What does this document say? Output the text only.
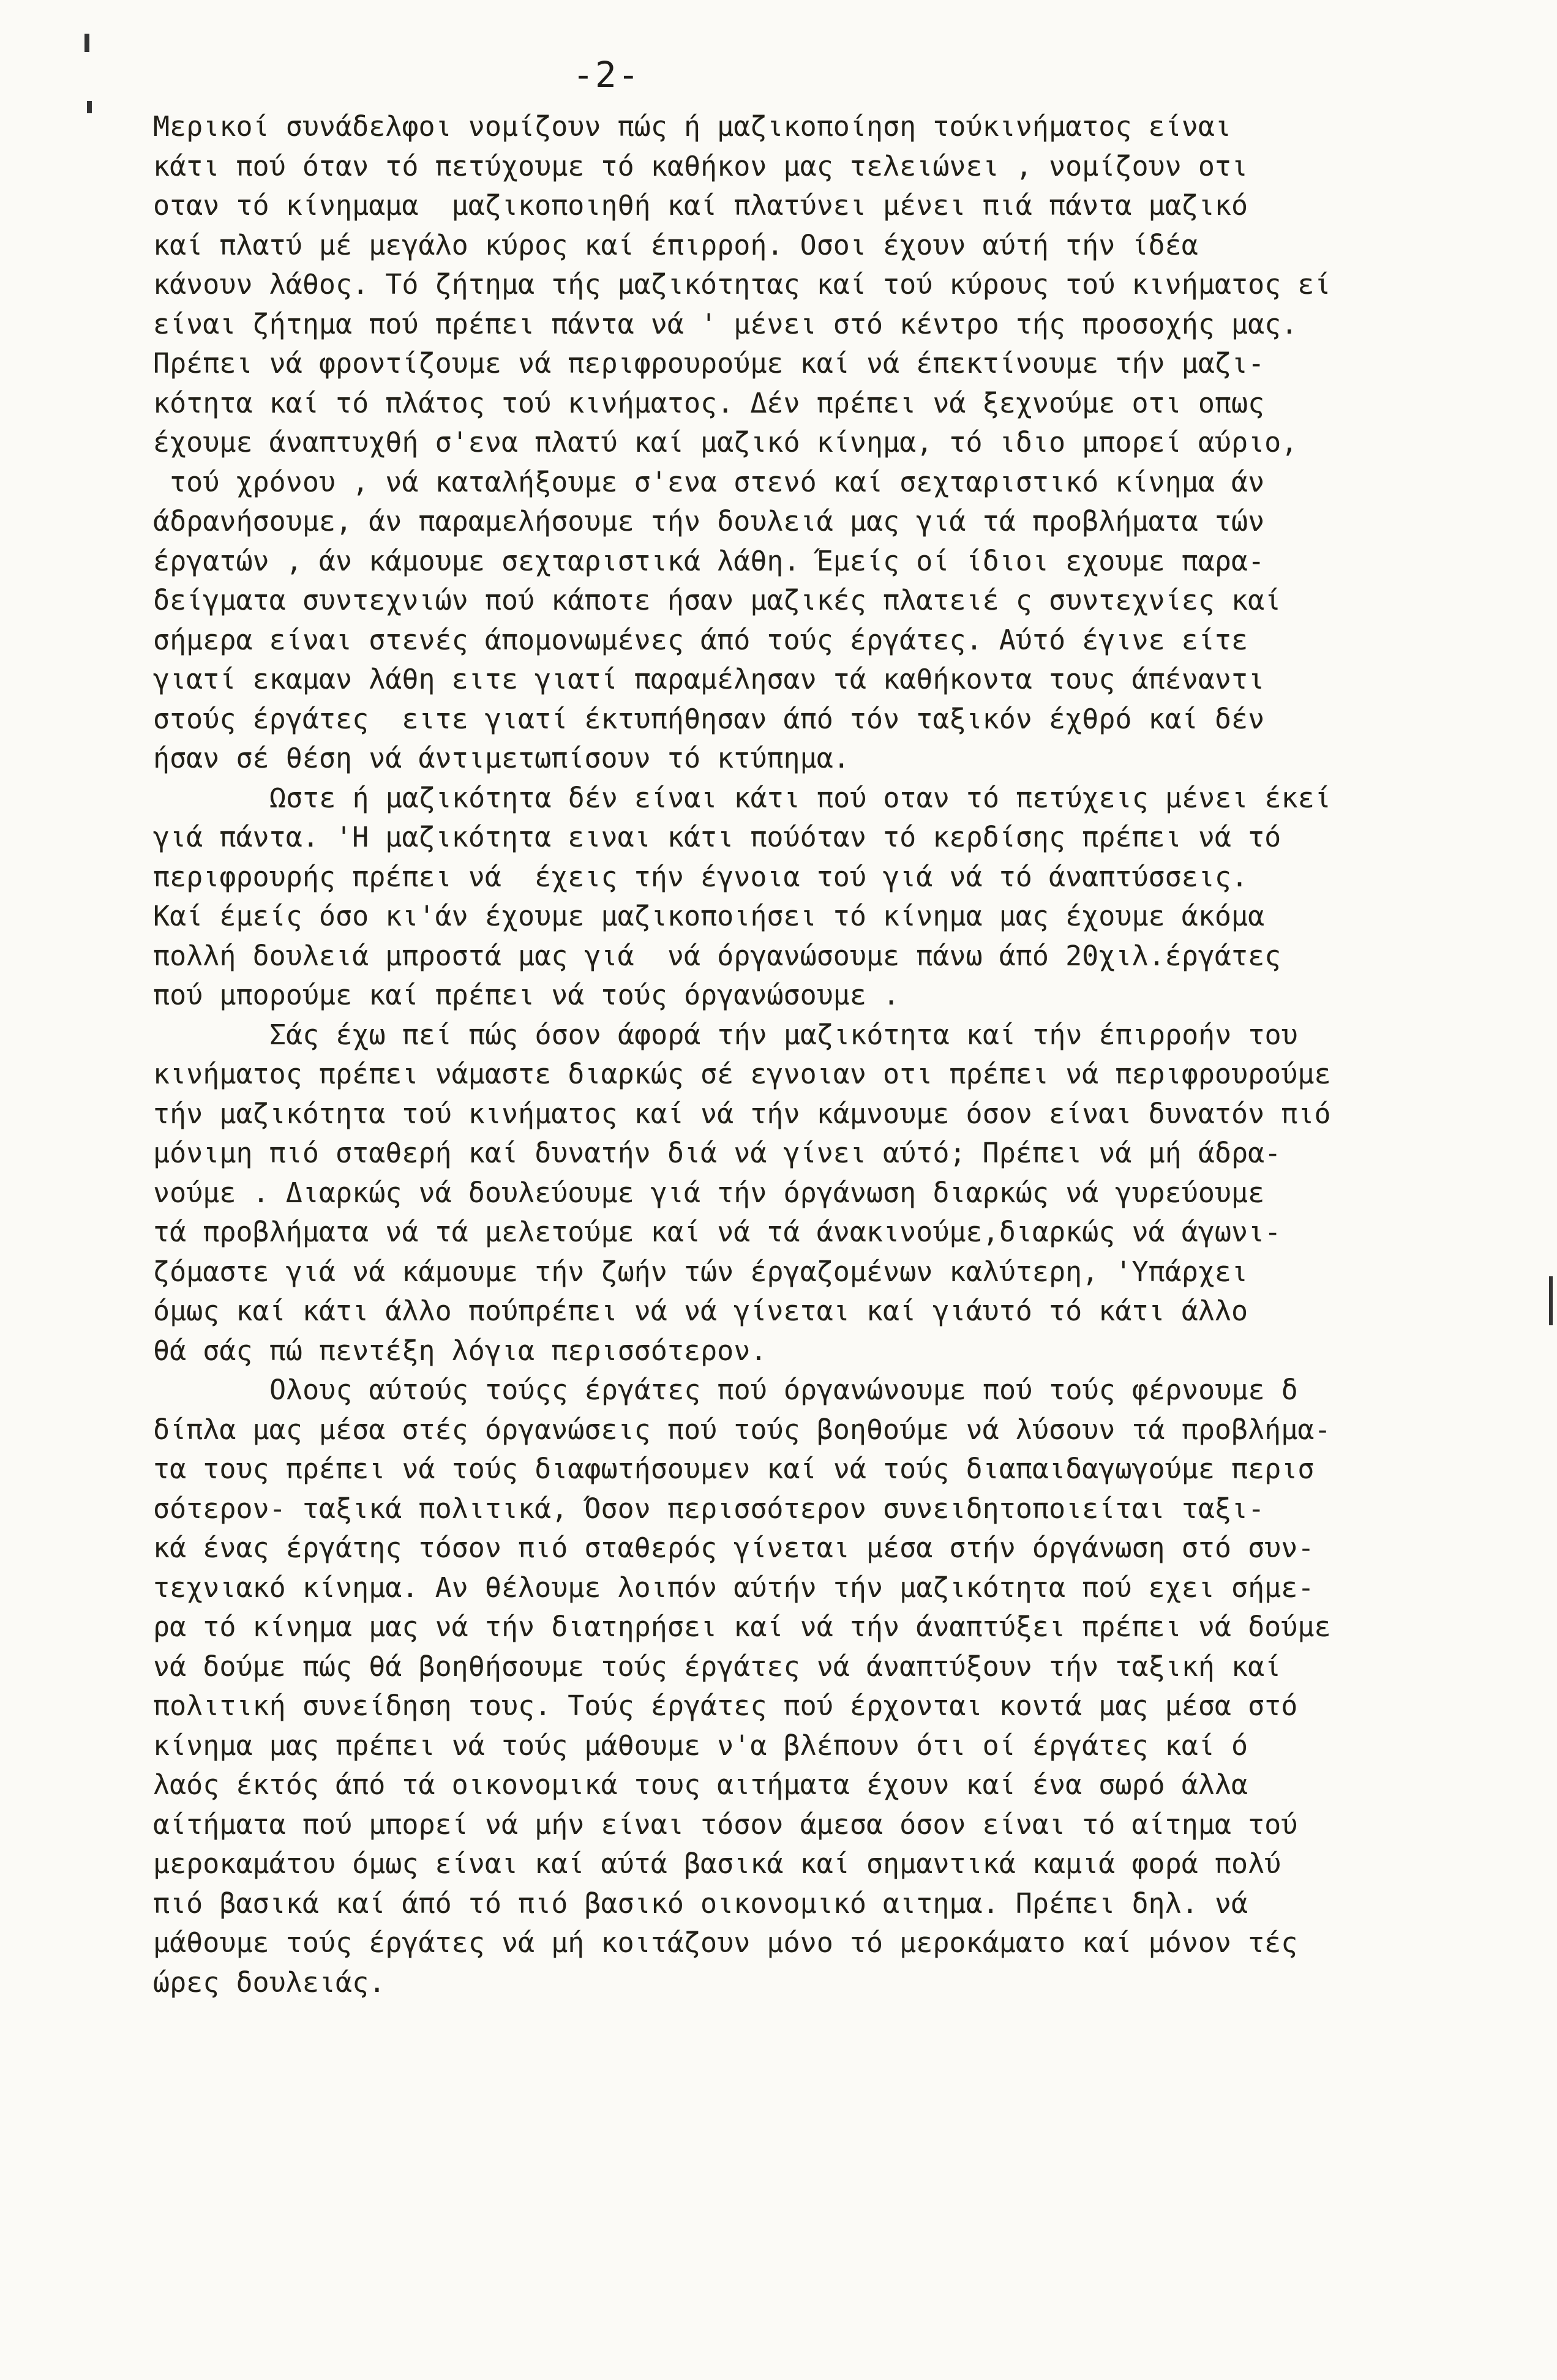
-2-
Μερικοί συνάδελφοι νομίζουν πώς ή μαζικοποίηση τούκινήματος είναι
κάτι πού όταν τό πετύχουμε τό καθήκον μας τελειώνει , νομίζουν οτι
οταν τό κίνημαμα  μαζικοποιηθή καί πλατύνει μένει πιά πάντα μαζικό
καί πλατύ μέ μεγάλο κύρος καί έπιρροή. Οσοι έχουν αύτή τήν ίδέα
κάνουν λάθος. Τό ζήτημα τής μαζικότητας καί τού κύρους τού κινήματος εί
είναι ζήτημα πού πρέπει πάντα νά ' μένει στό κέντρο τής προσοχής μας.
Πρέπει νά φροντίζουμε νά περιφρουρούμε καί νά έπεκτίνουμε τήν μαζι-
κότητα καί τό πλάτος τού κινήματος. Δέν πρέπει νά ξεχνούμε οτι οπως
έχουμε άναπτυχθή σ'ενα πλατύ καί μαζικό κίνημα, τό ιδιο μπορεί αύριο,
τού χρόνου , νά καταλήξουμε σ'ενα στενό καί σεχταριστικό κίνημα άν
άδρανήσουμε, άν παραμελήσουμε τήν δουλειά μας γιά τά προβλήματα τών
έργατών , άν κάμουμε σεχταριστικά λάθη. Έμείς οί ίδιοι εχουμε παρα-
δείγματα συντεχνιών πού κάποτε ήσαν μαζικές πλατειέ ς συντεχνίες καί
σήμερα είναι στενές άπομονωμένες άπό τούς έργάτες. Αύτό έγινε είτε
γιατί εκαμαν λάθη ειτε γιατί παραμέλησαν τά καθήκοντα τους άπέναντι
στούς έργάτες  ειτε γιατί έκτυπήθησαν άπό τόν ταξικόν έχθρό καί δέν
ήσαν σέ θέση νά άντιμετωπίσουν τό κτύπημα.
Ωστε ή μαζικότητα δέν είναι κάτι πού οταν τό πετύχεις μένει έκεί
γιά πάντα. 'Η μαζικότητα ειναι κάτι πούόταν τό κερδίσης πρέπει νά τό
περιφρουρής πρέπει νά  έχεις τήν έγνοια τού γιά νά τό άναπτύσσεις.
Καί έμείς όσο κι'άν έχουμε μαζικοποιήσει τό κίνημα μας έχουμε άκόμα
πολλή δουλειά μπροστά μας γιά  νά όργανώσουμε πάνω άπό 20χιλ.έργάτες
πού μπορούμε καί πρέπει νά τούς όργανώσουμε .
Σάς έχω πεί πώς όσον άφορά τήν μαζικότητα καί τήν έπιρροήν του
κινήματος πρέπει νάμαστε διαρκώς σέ εγνοιαν οτι πρέπει νά περιφρουρούμε
τήν μαζικότητα τού κινήματος καί νά τήν κάμνουμε όσον είναι δυνατόν πιό
μόνιμη πιό σταθερή καί δυνατήν διά νά γίνει αύτό; Πρέπει νά μή άδρα-
νούμε . Διαρκώς νά δουλεύουμε γιά τήν όργάνωση διαρκώς νά γυρεύουμε
τά προβλήματα νά τά μελετούμε καί νά τά άνακινούμε,διαρκώς νά άγωνι-
ζόμαστε γιά νά κάμουμε τήν ζωήν τών έργαζομένων καλύτερη, 'Υπάρχει
όμως καί κάτι άλλο πούπρέπει νά νά γίνεται καί γιάυτό τό κάτι άλλο
θά σάς πώ πεντέξη λόγια περισσότερον.
Ολους αύτούς τούςς έργάτες πού όργανώνουμε πού τούς φέρνουμε δ
δίπλα μας μέσα στές όργανώσεις πού τούς βοηθούμε νά λύσουν τά προβλήμα-
τα τους πρέπει νά τούς διαφωτήσουμεν καί νά τούς διαπαιδαγωγούμε περισ
σότερον- ταξικά πολιτικά, Όσον περισσότερον συνειδητοποιείται ταξι-
κά ένας έργάτης τόσον πιό σταθερός γίνεται μέσα στήν όργάνωση στό συν-
τεχνιακό κίνημα. Αν θέλουμε λοιπόν αύτήν τήν μαζικότητα πού εχει σήμε-
ρα τό κίνημα μας νά τήν διατηρήσει καί νά τήν άναπτύξει πρέπει νά δούμε
νά δούμε πώς θά βοηθήσουμε τούς έργάτες νά άναπτύξουν τήν ταξική καί
πολιτική συνείδηση τους. Τούς έργάτες πού έρχονται κοντά μας μέσα στό
κίνημα μας πρέπει νά τούς μάθουμε ν'α βλέπουν ότι οί έργάτες καί ό
λαός έκτός άπό τά οικονομικά τους αιτήματα έχουν καί ένα σωρό άλλα
αίτήματα πού μπορεί νά μήν είναι τόσον άμεσα όσον είναι τό αίτημα τού
μεροκαμάτου όμως είναι καί αύτά βασικά καί σημαντικά καμιά φορά πολύ
πιό βασικά καί άπό τό πιό βασικό οικονομικό αιτημα. Πρέπει δηλ. νά
μάθουμε τούς έργάτες νά μή κοιτάζουν μόνο τό μεροκάματο καί μόνον τές
ώρες δουλειάς.
